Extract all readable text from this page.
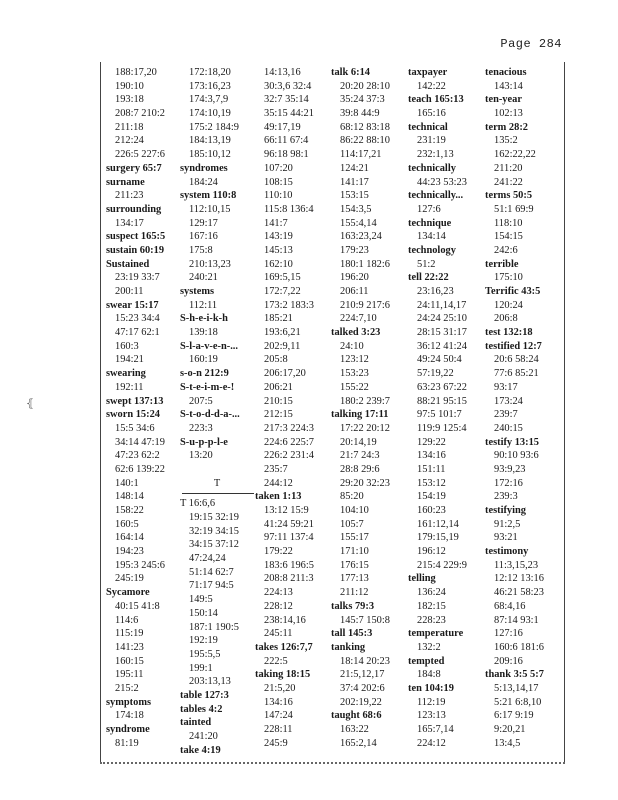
Page 284
⦃
188:17,20
190:10
193:18
208:7 210:2
211:18
212:24
226:5 227:6
surgery 65:7
surname
211:23
surrounding
134:17
suspect 165:5
sustain 60:19
Sustained
23:19 33:7
200:11
swear 15:17
15:23 34:4
47:17 62:1
160:3
194:21
swearing
192:11
swept 137:13
sworn 15:24
15:5 34:6
34:14 47:19
47:23 62:2
62:6 139:22
140:1
148:14
158:22
160:5
164:14
194:23
195:3 245:6
245:19
Sycamore
40:15 41:8
114:6
115:19
141:23
160:15
195:11
215:2
symptoms
174:18
syndrome
81:19
172:18,20
173:16,23
174:3,7,9
174:10,19
175:2 184:9
184:13,19
185:10,12
syndromes
184:24
system 110:8
112:10,15
129:17
167:16
175:8
210:13,23
240:21
systems
112:11
S-h-e-i-k-h
139:18
S-l-a-v-e-n-...
160:19
s-o-n 212:9
S-t-e-i-m-e-!
207:5
S-t-o-d-d-a-...
223:3
S-u-p-p-l-e
13:20
T
T 16:6,6
19:15 32:19
32:19 34:15
34:15 37:12
47:24,24
51:14 62:7
71:17 94:5
149:5
150:14
187:1 190:5
192:19
195:5,5
199:1
203:13,13
table 127:3
tables 4:2
tainted
241:20
take 4:19
14:13,16
30:3,6 32:4
32:7 35:14
35:15 44:21
49:17,19
66:11 67:4
96:18 98:1
107:20
108:15
110:10
115:8 136:4
141:7
143:19
145:13
162:10
169:5,15
172:7,22
173:2 183:3
185:21
193:6,21
202:9,11
205:8
206:17,20
206:21
210:15
212:15
217:3 224:3
224:6 225:7
226:2 231:4
235:7
244:12
taken 1:13
13:12 15:9
41:24 59:21
97:11 137:4
179:22
183:6 196:5
208:8 211:3
224:13
228:12
238:14,16
245:11
takes 126:7,7
222:5
taking 18:15
21:5,20
134:16
147:24
228:11
245:9
talk 6:14
20:20 28:10
35:24 37:3
39:8 44:9
68:12 83:18
86:22 88:10
114:17,21
124:21
141:17
153:15
154:3,5
155:4,14
163:23,24
179:23
180:1 182:6
196:20
206:11
210:9 217:6
224:7,10
talked 3:23
24:10
123:12
153:23
155:22
180:2 239:7
talking 17:11
17:22 20:12
20:14,19
21:7 24:3
28:8 29:6
29:20 32:23
85:20
104:10
105:7
155:17
171:10
176:15
177:13
211:12
talks 79:3
145:7 150:8
tall 145:3
tanking
18:14 20:23
21:5,12,17
37:4 202:6
202:19,22
taught 68:6
163:22
165:2,14
taxpayer
142:22
teach 165:13
165:16
technical
231:19
232:1,13
technically
44:23 53:23
technically...
127:6
technique
134:14
technology
51:2
tell 22:22
23:16,23
24:11,14,17
24:24 25:10
28:15 31:17
36:12 41:24
49:24 50:4
57:19,22
63:23 67:22
88:21 95:15
97:5 101:7
119:9 125:4
129:22
134:16
151:11
153:12
154:19
160:23
161:12,14
179:15,19
196:12
215:4 229:9
telling
136:24
182:15
228:23
temperature
132:2
tempted
184:8
ten 104:19
112:19
123:13
165:7,14
224:12
tenacious
143:14
ten-year
102:13
term 28:2
135:2
162:22,22
211:20
241:22
terms 50:5
51:1 69:9
118:10
154:15
242:6
terrible
175:10
Terrific 43:5
120:24
206:8
test 132:18
testified 12:7
20:6 58:24
77:6 85:21
93:17
173:24
239:7
240:15
testify 13:15
90:10 93:6
93:9,23
172:16
239:3
testifying
91:2,5
93:21
testimony
11:3,15,23
12:12 13:16
46:21 58:23
68:4,16
87:14 93:1
127:16
160:6 181:6
209:16
thank 3:5 5:7
5:13,14,17
5:21 6:8,10
6:17 9:19
9:20,21
13:4,5
